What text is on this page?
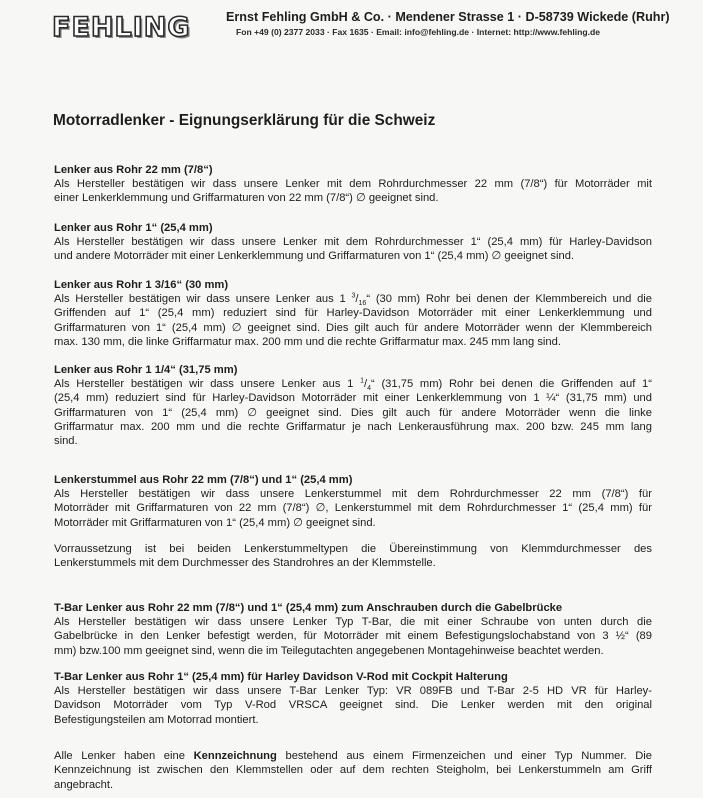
FEHLING	Ernst Fehling GmbH & Co. · Mendener Strasse 1 · D-58739 Wickede (Ruhr)
Fon +49 (0) 2377 2033 · Fax 1635 · Email: info@fehling.de · Internet: http://www.fehling.de
Motorradlenker - Eignungserklärung für die Schweiz

Lenker aus Rohr 22 mm (7/8“)

Als Hersteller bestätigen wir dass unsere Lenker mit dem Rohrdurchmesser 22 mm (7/8“) für Motorräder mit
einer Lenkerklemmung und Griffarmaturen von 22 mm (7/8“) ∅ geeignet sind.

Lenker aus Rohr 1“ (25,4 mm)

Als Hersteller bestätigen wir dass unsere Lenker mit dem Rohrdurchmesser 1“ (25,4 mm) für Harley-Davidson
und andere Motorräder mit einer Lenkerklemmung und Griffarmaturen von 1“ (25,4 mm) ∅ geeignet sind.

Lenker aus Rohr 1 3/16“ (30 mm)

Als Hersteller bestätigen wir dass unsere Lenker aus 1 $^3/_{16}“$ (30 mm) Rohr bei denen der Klemmbereich und die
Griffenden auf 1“ (25,4 mm) reduziert sind für Harley-Davidson Motorräder mit einer Lenkerklemmung und
Griffarmaturen von 1“ (25,4 mm) ∅ geeignet sind. Dies gilt auch für andere Motorräder wenn der Klemmbereich
max. 130 mm, die linke Griffarmatur max. 200 mm und die rechte Griffarmatur max. 245 mm lang sind.

Lenker aus Rohr 1 1/4“ (31,75 mm)

Als Hersteller bestätigen wir dass unsere Lenker aus 1 $^1/_4“$ (31,75 mm) Rohr bei denen die Griffenden auf 1“
(25,4 mm) reduziert sind für Harley-Davidson Motorräder mit einer Lenkerklemmung von 1 ¼“ (31,75 mm) und
Griffarmaturen von 1“ (25,4 mm) ∅ geeignet sind. Dies gilt auch für andere Motorräder wenn die linke
Griffarmatur max. 200 mm und die rechte Griffarmatur je nach Lenkerausführung max. 200 bzw. 245 mm lang
sind.

Lenkerstummel aus Rohr 22 mm (7/8“) und 1“ (25,4 mm)

Als Hersteller bestätigen wir dass unsere Lenkerstummel mit dem Rohrdurchmesser 22 mm (7/8“) für
Motorräder mit Griffarmaturen von 22 mm (7/8“) ∅, Lenkerstummel mit dem Rohrdurchmesser 1“ (25,4 mm) für
Motorräder mit Griffarmaturen von 1“ (25,4 mm) ∅ geeignet sind.

Vorraussetzung ist bei beiden Lenkerstummeltypen die Übereinstimmung von Klemmdurchmesser des
Lenkerstummels mit dem Durchmesser des Standrohres an der Klemmstelle.

T-Bar Lenker aus Rohr 22 mm (7/8“) und 1“ (25,4 mm) zum Anschrauben durch die Gabelbrücke

Als Hersteller bestätigen wir dass unsere Lenker Typ T-Bar, die mit einer Schraube von unten durch die
Gabelbrücke in den Lenker befestigt werden, für Motorräder mit einem Befestigungslochabstand von 3 ½“ (89
mm) bzw.100 mm geeignet sind, wenn die im Teilegutachten angegebenen Montagehinweise beachtet werden.

T-Bar Lenker aus Rohr 1“ (25,4 mm) für Harley Davidson V-Rod mit Cockpit Halterung

Als Hersteller bestätigen wir dass unsere T-Bar Lenker Typ: VR 089FB und T-Bar 2-5 HD VR für Harley-
Davidson Motorräder vom Typ V-Rod VRSCA geeignet sind. Die Lenker werden mit den original
Befestigungsteilen am Motorrad montiert.

Alle Lenker haben eine Kennzeichnung bestehend aus einem Firmenzeichen und einer Typ Nummer. Die
Kennzeichnung ist zwischen den Klemmstellen oder auf dem rechten Steigholm, bei Lenkerstummeln am Griff
angebracht.
